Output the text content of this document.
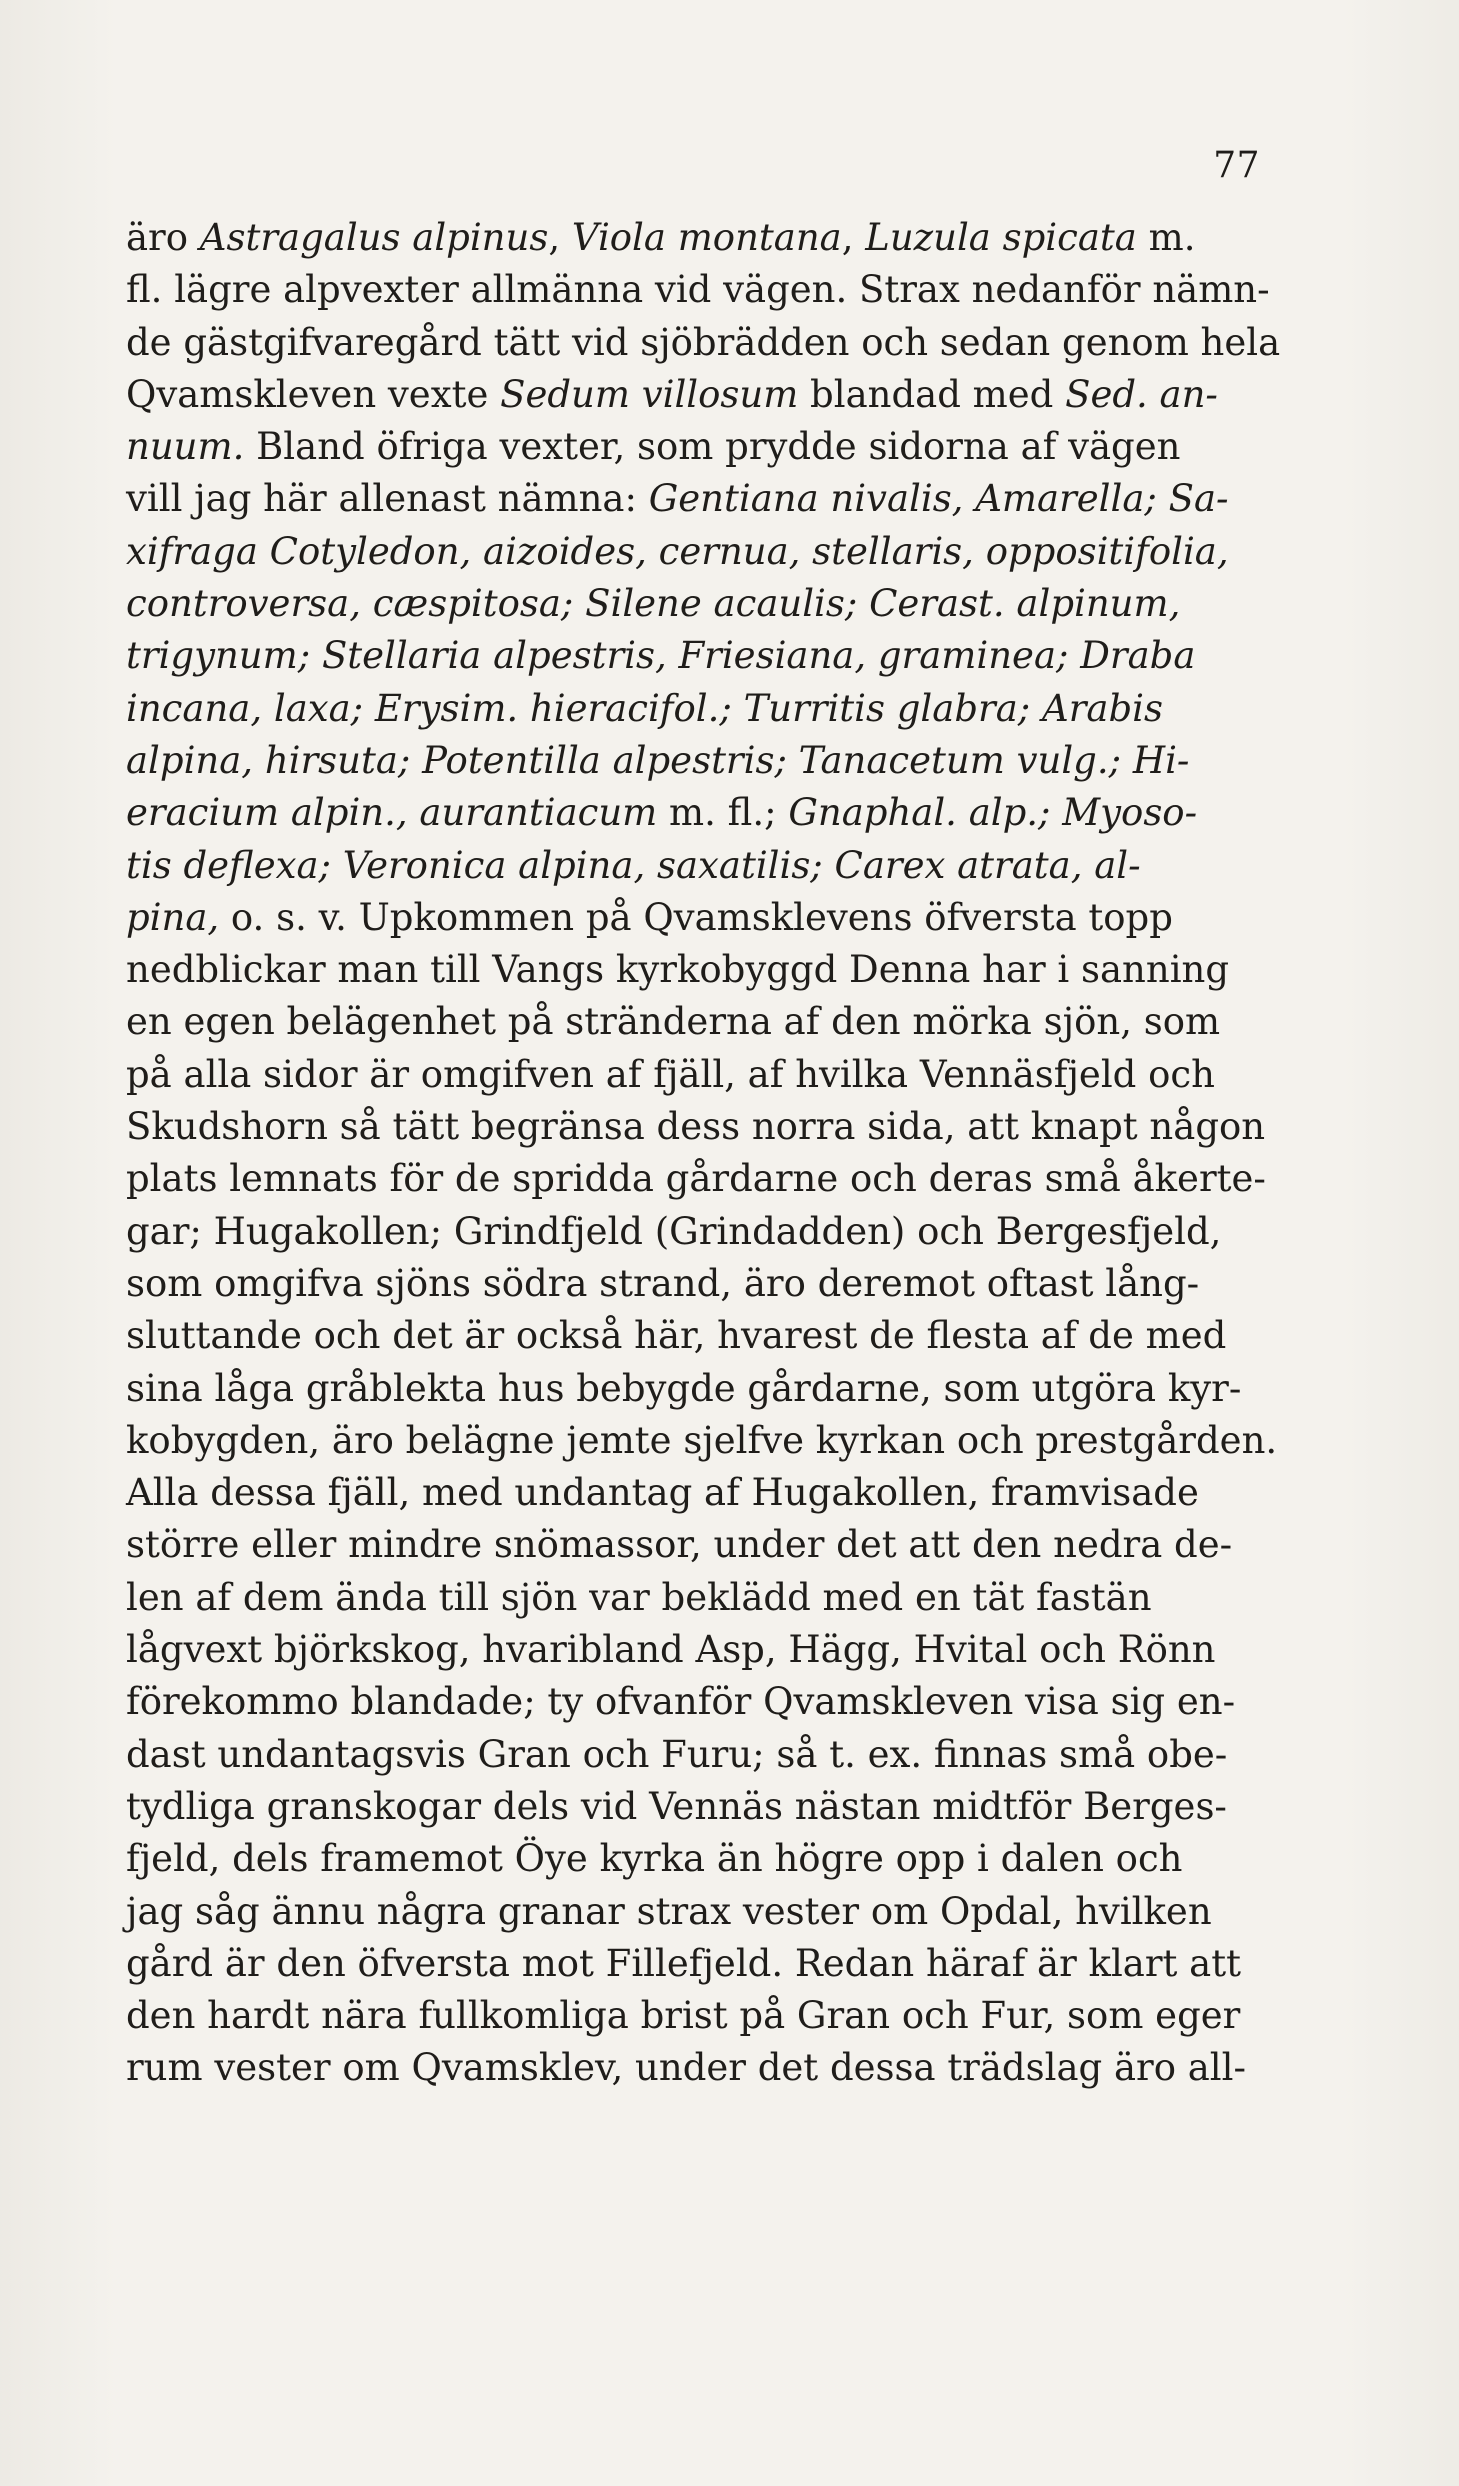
77
äro Astragalus alpinus, Viola montana, Luzula spicata m.
fl. lägre alpvexter allmänna vid vägen. Strax nedanför nämn-
de gästgifvaregård tätt vid sjöbrädden och sedan genom hela
Qvamskleven vexte Sedum villosum blandad med Sed. an-
nuum. Bland öfriga vexter, som prydde sidorna af vägen
vill jag här allenast nämna: Gentiana nivalis, Amarella; Sa-
xifraga Cotyledon, aizoides, cernua, stellaris, oppositifolia,
controversa, cæspitosa; Silene acaulis; Cerast. alpinum,
trigynum; Stellaria alpestris, Friesiana, graminea; Draba
incana, laxa; Erysim. hieracifol.; Turritis glabra; Arabis
alpina, hirsuta; Potentilla alpestris; Tanacetum vulg.; Hi-
eracium alpin., aurantiacum m. fl.; Gnaphal. alp.; Myoso-
tis deflexa; Veronica alpina, saxatilis; Carex atrata, al-
pina, o. s. v. Upkommen på Qvamsklevens öfversta topp
nedblickar man till Vangs kyrkobyggd Denna har i sanning
en egen belägenhet på stränderna af den mörka sjön, som
på alla sidor är omgifven af fjäll, af hvilka Vennäsfjeld och
Skudshorn så tätt begränsa dess norra sida, att knapt någon
plats lemnats för de spridda gårdarne och deras små åkerte-
gar; Hugakollen; Grindfjeld (Grindadden) och Bergesfjeld,
som omgifva sjöns södra strand, äro deremot oftast lång-
sluttande och det är också här, hvarest de flesta af de med
sina låga gråblekta hus bebygde gårdarne, som utgöra kyr-
kobygden, äro belägne jemte sjelfve kyrkan och prestgården.
Alla dessa fjäll, med undantag af Hugakollen, framvisade
större eller mindre snömassor, under det att den nedra de-
len af dem ända till sjön var beklädd med en tät fastän
lågvext björkskog, hvaribland Asp, Hägg, Hvital och Rönn
förekommo blandade; ty ofvanför Qvamskleven visa sig en-
dast undantagsvis Gran och Furu; så t. ex. finnas små obe-
tydliga granskogar dels vid Vennäs nästan midtför Berges-
fjeld, dels framemot Öye kyrka än högre opp i dalen och
jag såg ännu några granar strax vester om Opdal, hvilken
gård är den öfversta mot Fillefjeld. Redan häraf är klart att
den hardt nära fullkomliga brist på Gran och Fur, som eger
rum vester om Qvamsklev, under det dessa trädslag äro all-
